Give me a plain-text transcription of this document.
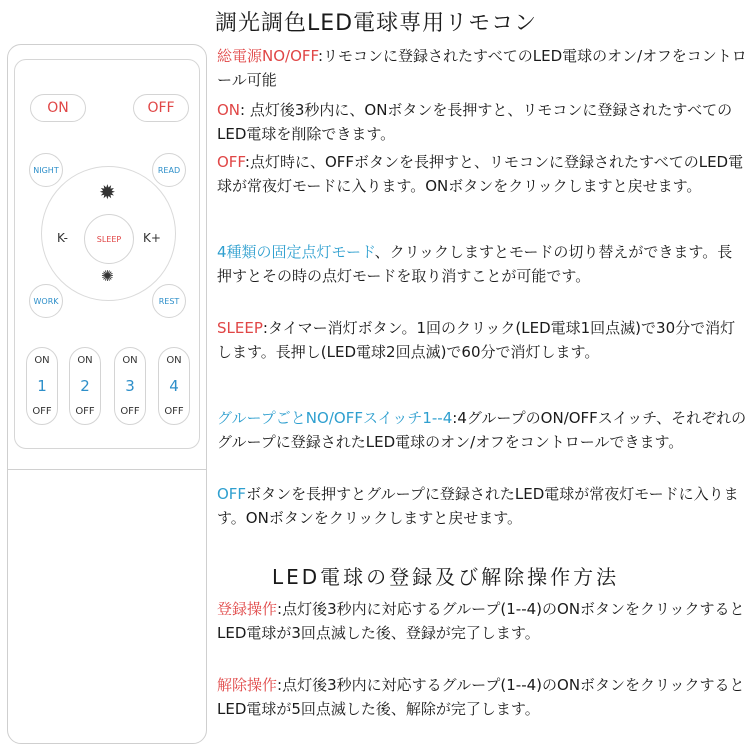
調光調色LED電球専用リモコン
ON	OFF
NIGHT	READ
WORK	REST
SLEEP
✹
✺
K-	K+
ON
1
OFF
ON
2
OFF
ON
3
OFF
ON
4
OFF

総電源NO/OFF:リモコンに登録されたすべてのLED電球のオン/オフをコントロール可能

ON: 点灯後3秒内に、ONボタンを長押すと、リモコンに登録されたすべてのLED電球を削除できます。

OFF:点灯時に、OFFボタンを長押すと、リモコンに登録されたすべてのLED電球が常夜灯モードに入ります。ONボタンをクリックしますと戻せます。

4種類の固定点灯モード、クリックしますとモードの切り替えができます。長押すとその時の点灯モードを取り消すことが可能です。

SLEEP:タイマー消灯ボタン。1回のクリック(LED電球1回点滅)で30分で消灯します。長押し(LED電球2回点滅)で60分で消灯します。

グループごとNO/OFFスイッチ1--4:4グループのON/OFFスイッチ、それぞれのグループに登録されたLED電球のオン/オフをコントロールできます。

OFFボタンを長押すとグループに登録されたLED電球が常夜灯モードに入ります。ONボタンをクリックしますと戻せます。

LED電球の登録及び解除操作方法

登録操作:点灯後3秒内に対応するグループ(1--4)のONボタンをクリックするとLED電球が3回点滅した後、登録が完了します。

解除操作:点灯後3秒内に対応するグループ(1--4)のONボタンをクリックするとLED電球が5回点滅した後、解除が完了します。
